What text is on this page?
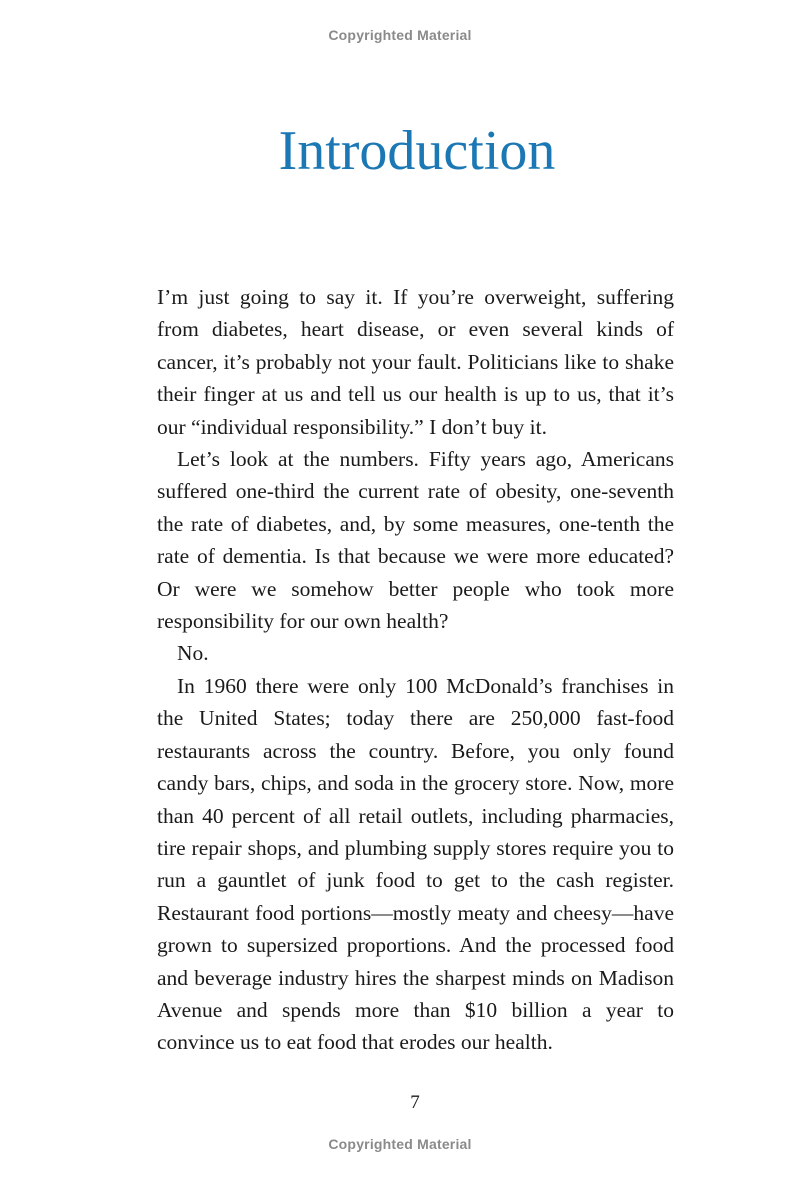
Copyrighted Material
Introduction

I’m just going to say it. If you’re overweight, suffering from diabetes, heart disease, or even several kinds of cancer, it’s probably not your fault. Politicians like to shake their finger at us and tell us our health is up to us, that it’s our “individual responsibility.” I don’t buy it.

Let’s look at the numbers. Fifty years ago, Americans suffered one-third the current rate of obesity, one-seventh the rate of diabetes, and, by some measures, one-tenth the rate of dementia. Is that because we were more educated? Or were we somehow better people who took more responsibility for our own health?

No.

In 1960 there were only 100 McDonald’s franchises in the United States; today there are 250,000 fast-food restaurants across the country. Before, you only found candy bars, chips, and soda in the grocery store. Now, more than 40 percent of all retail outlets, including pharmacies, tire repair shops, and plumbing supply stores require you to run a gauntlet of junk food to get to the cash register. Restaurant food portions—mostly meaty and cheesy—have grown to supersized proportions. And the processed food and beverage industry hires the sharpest minds on Madison Avenue and spends more than $10 billion a year to convince us to eat food that erodes our health.

7
Copyrighted Material
